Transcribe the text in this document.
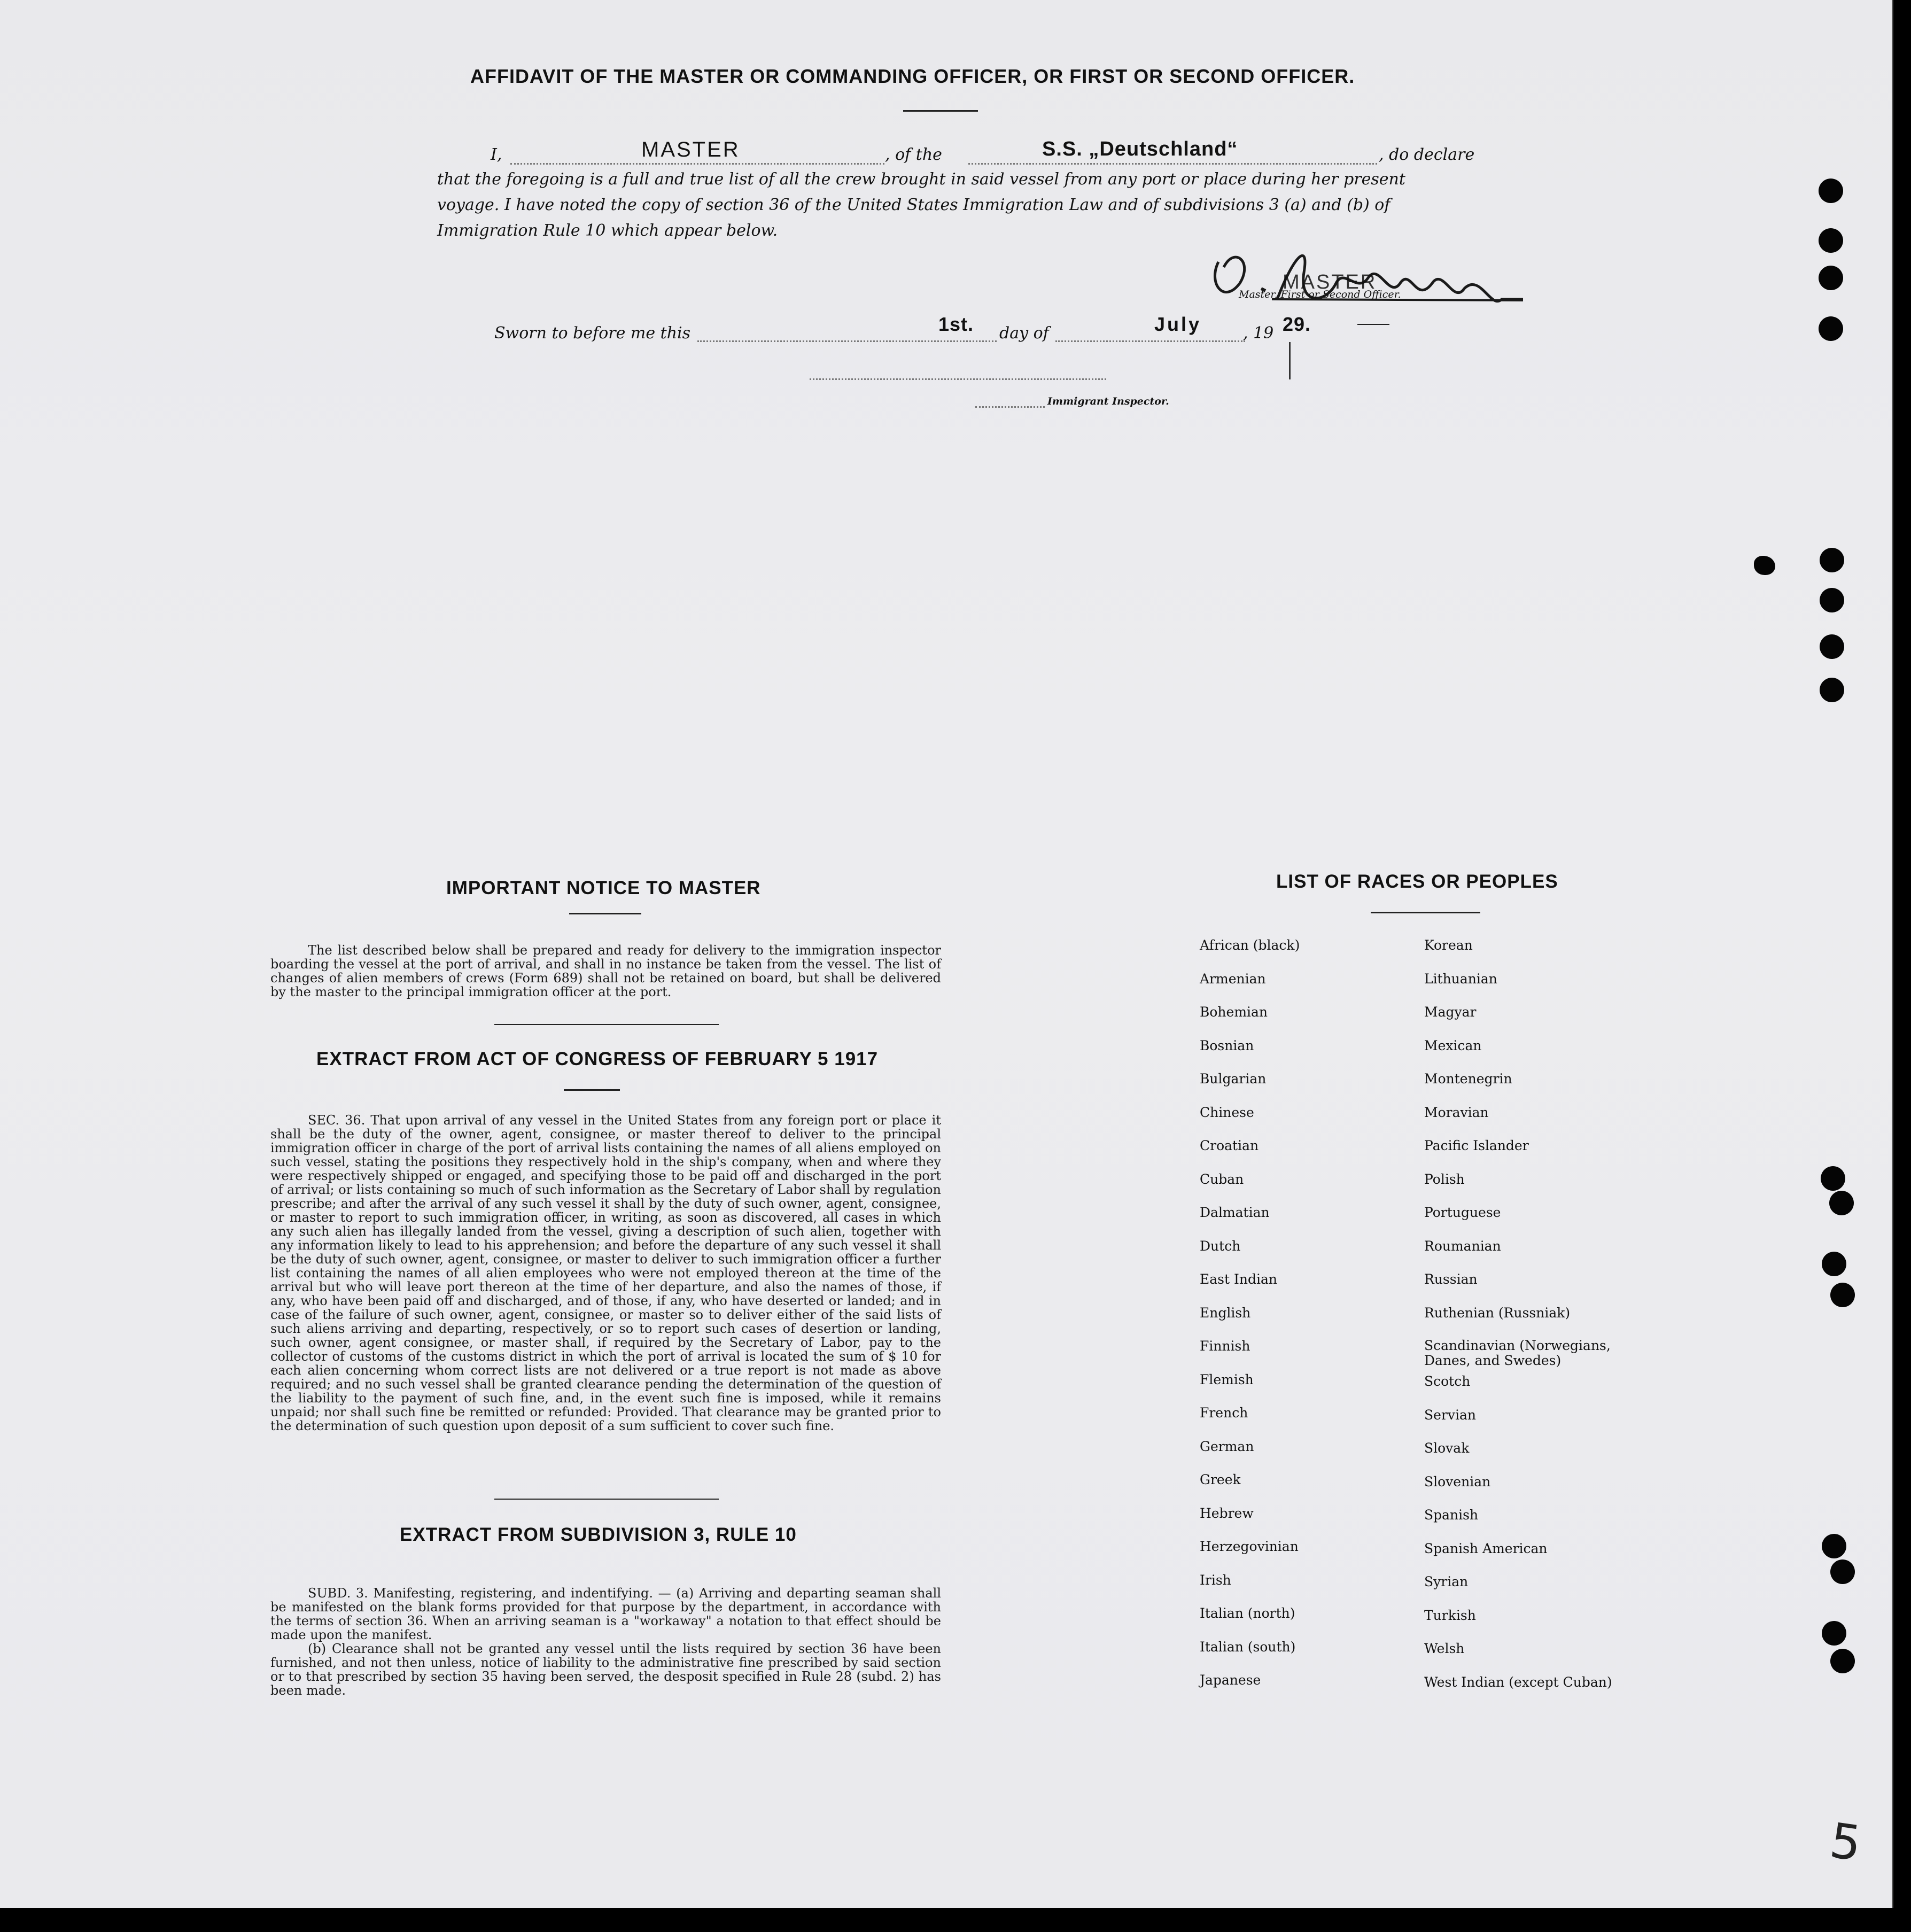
AFFIDAVIT OF THE MASTER OR COMMANDING OFFICER, OR FIRST OR SECOND OFFICER.
I,	MASTER	, of the	S.S. „Deutschland“	, do declare
that the foregoing is a full and true list of all the crew brought in said vessel from any port or place during her present
voyage. I have noted the copy of section 36 of the United States Immigration Law and of subdivisions 3 (a) and (b) of
Immigration Rule 10 which appear below.
MASTER
Master, First or Second Officer.
Sworn to before me this	1st. day of	July	, 19 29.
Immigrant Inspector.
IMPORTANT NOTICE TO MASTER
The list described below shall be prepared and ready for delivery to the immigration inspector boarding the vessel at the port of arrival, and shall in no instance be taken from the vessel. The list of changes of alien members of crews (Form 689) shall not be retained on board, but shall be delivered by the master to the principal immigration officer at the port.
EXTRACT FROM ACT OF CONGRESS OF FEBRUARY 5 1917
SEC. 36. That upon arrival of any vessel in the United States from any foreign port or place it shall be the duty of the owner, agent, consignee, or master thereof to deliver to the principal immigration officer in charge of the port of arrival lists containing the names of all aliens employed on such vessel, stating the positions they respectively hold in the ship's company, when and where they were respectively shipped or engaged, and specifying those to be paid off and discharged in the port of arrival; or lists containing so much of such information as the Secretary of Labor shall by regulation prescribe; and after the arrival of any such vessel it shall by the duty of such owner, agent, consignee, or master to report to such immigration officer, in writing, as soon as discovered, all cases in which any such alien has illegally landed from the vessel, giving a description of such alien, together with any information likely to lead to his apprehension; and before the departure of any such vessel it shall be the duty of such owner, agent, consignee, or master to deliver to such immigration officer a further list containing the names of all alien employees who were not employed thereon at the time of the arrival but who will leave port thereon at the time of her departure, and also the names of those, if any, who have been paid off and discharged, and of those, if any, who have deserted or landed; and in case of the failure of such owner, agent, consignee, or master so to deliver either of the said lists of such aliens arriving and departing, respectively, or so to report such cases of desertion or landing, such owner, agent consignee, or master shall, if required by the Secretary of Labor, pay to the collector of customs of the customs district in which the port of arrival is located the sum of $ 10 for each alien concerning whom correct lists are not delivered or a true report is not made as above required; and no such vessel shall be granted clearance pending the determination of the question of the liability to the payment of such fine, and, in the event such fine is imposed, while it remains unpaid; nor shall such fine be remitted or refunded: Provided. That clearance may be granted prior to the determination of such question upon deposit of a sum sufficient to cover such fine.
EXTRACT FROM SUBDIVISION 3, RULE 10
SUBD. 3. Manifesting, registering, and indentifying. — (a) Arriving and departing seaman shall be manifested on the blank forms provided for that purpose by the department, in accordance with the terms of section 36. When an arriving seaman is a "workaway" a notation to that effect should be made upon the manifest.
(b) Clearance shall not be granted any vessel until the lists required by section 36 have been furnished, and not then unless, notice of liability to the administrative fine prescribed by said section or to that prescribed by section 35 having been served, the desposit specified in Rule 28 (subd. 2) has been made.
LIST OF RACES OR PEOPLES
African (black)
Armenian
Bohemian
Bosnian
Bulgarian
Chinese
Croatian
Cuban
Dalmatian
Dutch
East Indian
English
Finnish
Flemish
French
German
Greek
Hebrew
Herzegovinian
Irish
Italian (north)
Italian (south)
Japanese
Korean
Lithuanian
Magyar
Mexican
Montenegrin
Moravian
Pacific Islander
Polish
Portuguese
Roumanian
Russian
Ruthenian (Russniak)
Scandinavian (Norwegians, Danes, and Swedes)
Scotch
Servian
Slovak
Slovenian
Spanish
Spanish American
Syrian
Turkish
Welsh
West Indian (except Cuban)
5
